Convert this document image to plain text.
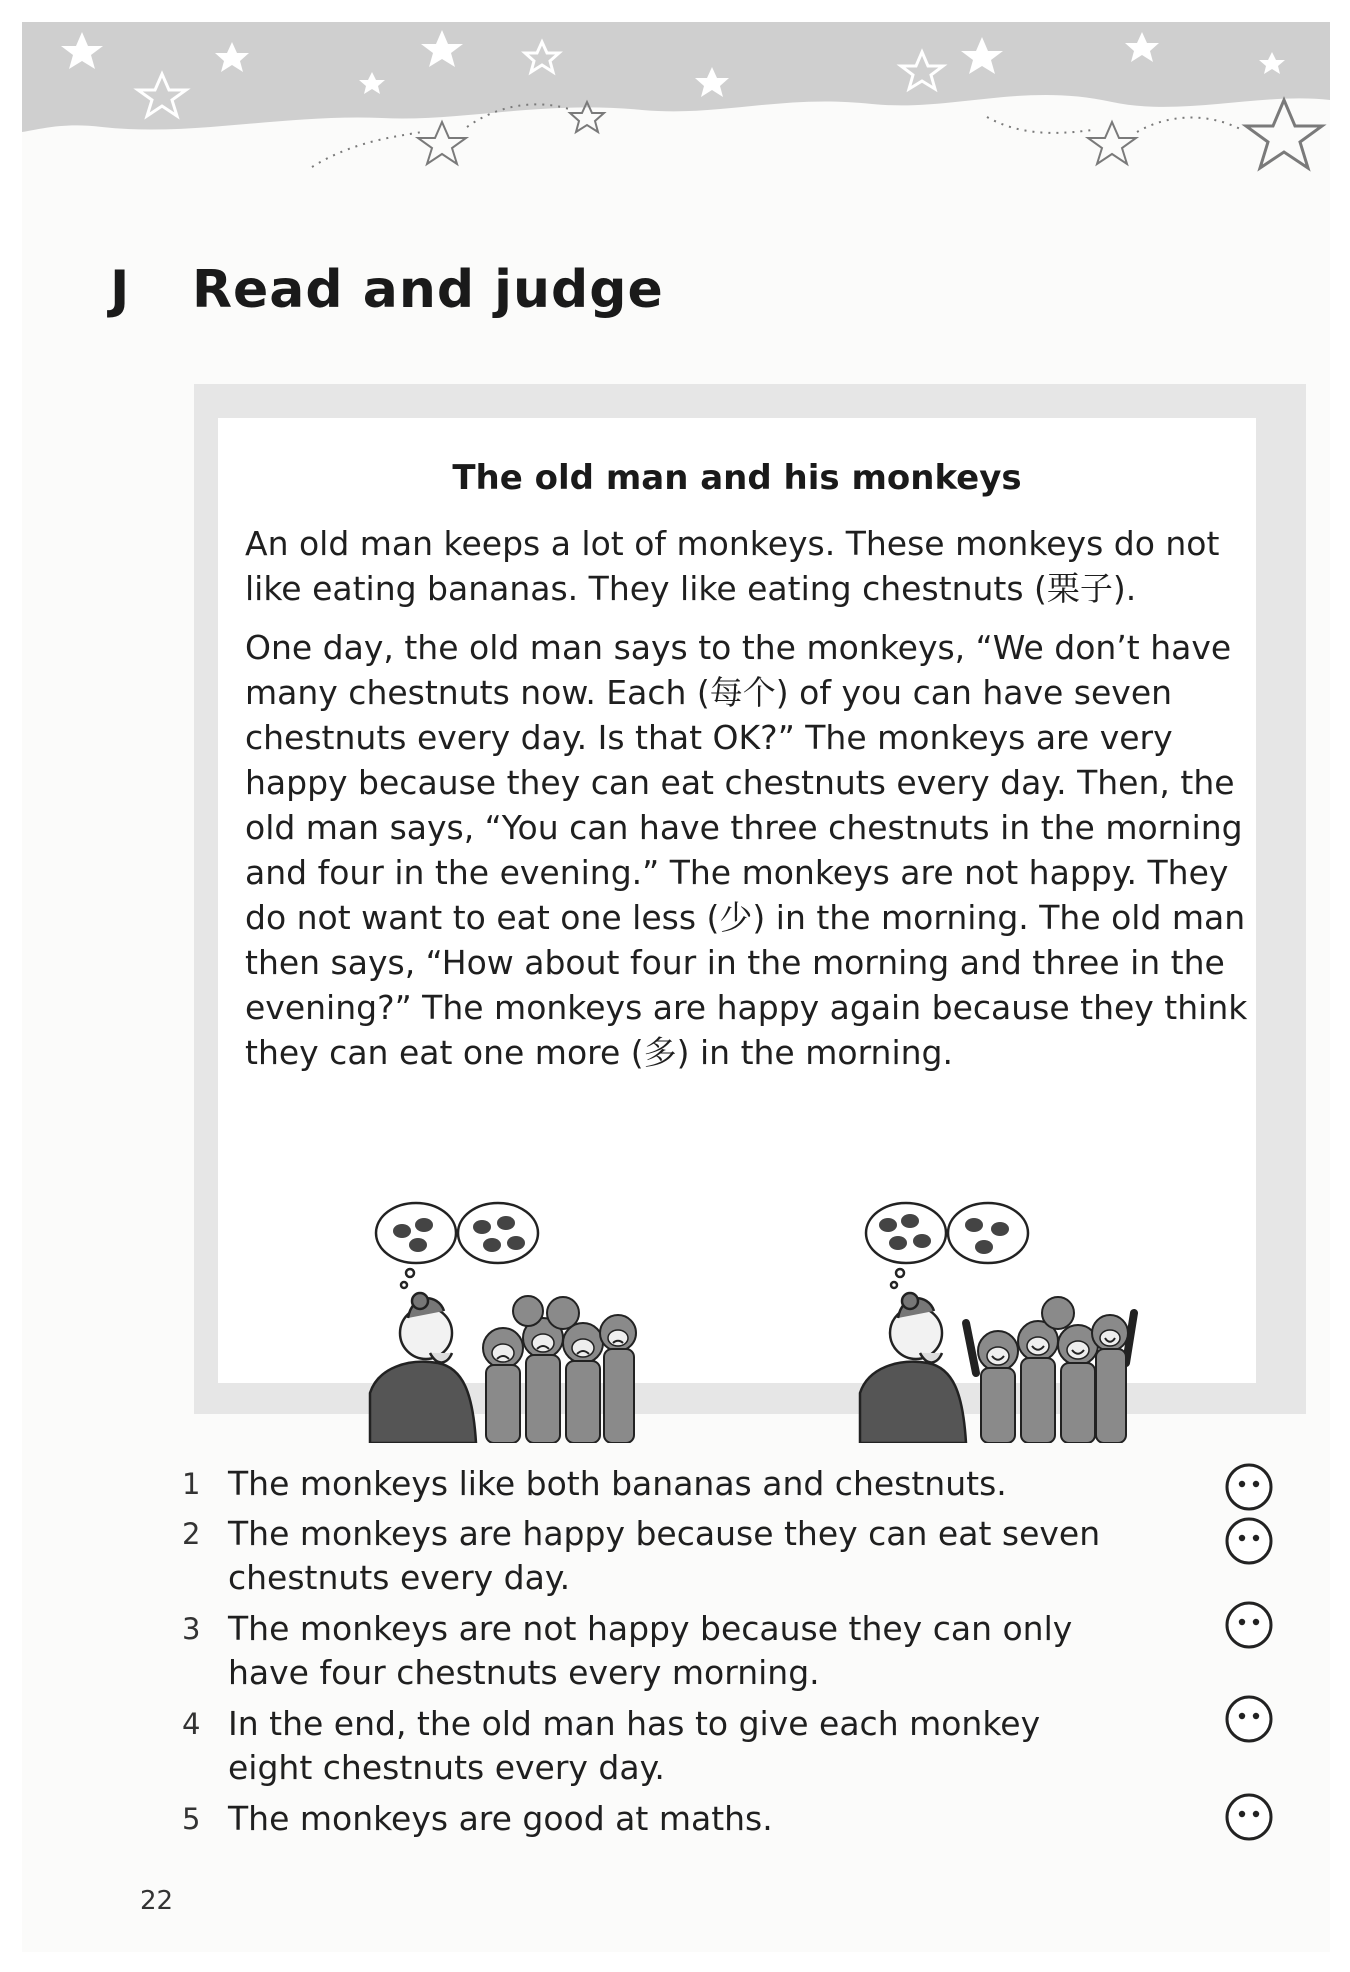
J Read and judge
The old man and his monkeys

An old man keeps a lot of monkeys. These monkeys do not like eating bananas. They like eating chestnuts (栗子).

One day, the old man says to the monkeys, “We don’t have many chestnuts now. Each (每个) of you can have seven chestnuts every day. Is that OK?” The monkeys are very happy because they can eat chestnuts every day. Then, the old man says, “You can have three chestnuts in the morning and four in the evening.” The monkeys are not happy. They do not want to eat one less (少) in the morning. The old man then says, “How about four in the morning and three in the evening?” The monkeys are happy again because they think they can eat one more (多) in the morning.

1 The monkeys like both bananas and chestnuts.
2 The monkeys are happy because they can eat seven chestnuts every day.
3 The monkeys are not happy because they can only have four chestnuts every morning.
4 In the end, the old man has to give each monkey eight chestnuts every day.
5 The monkeys are good at maths.
22
